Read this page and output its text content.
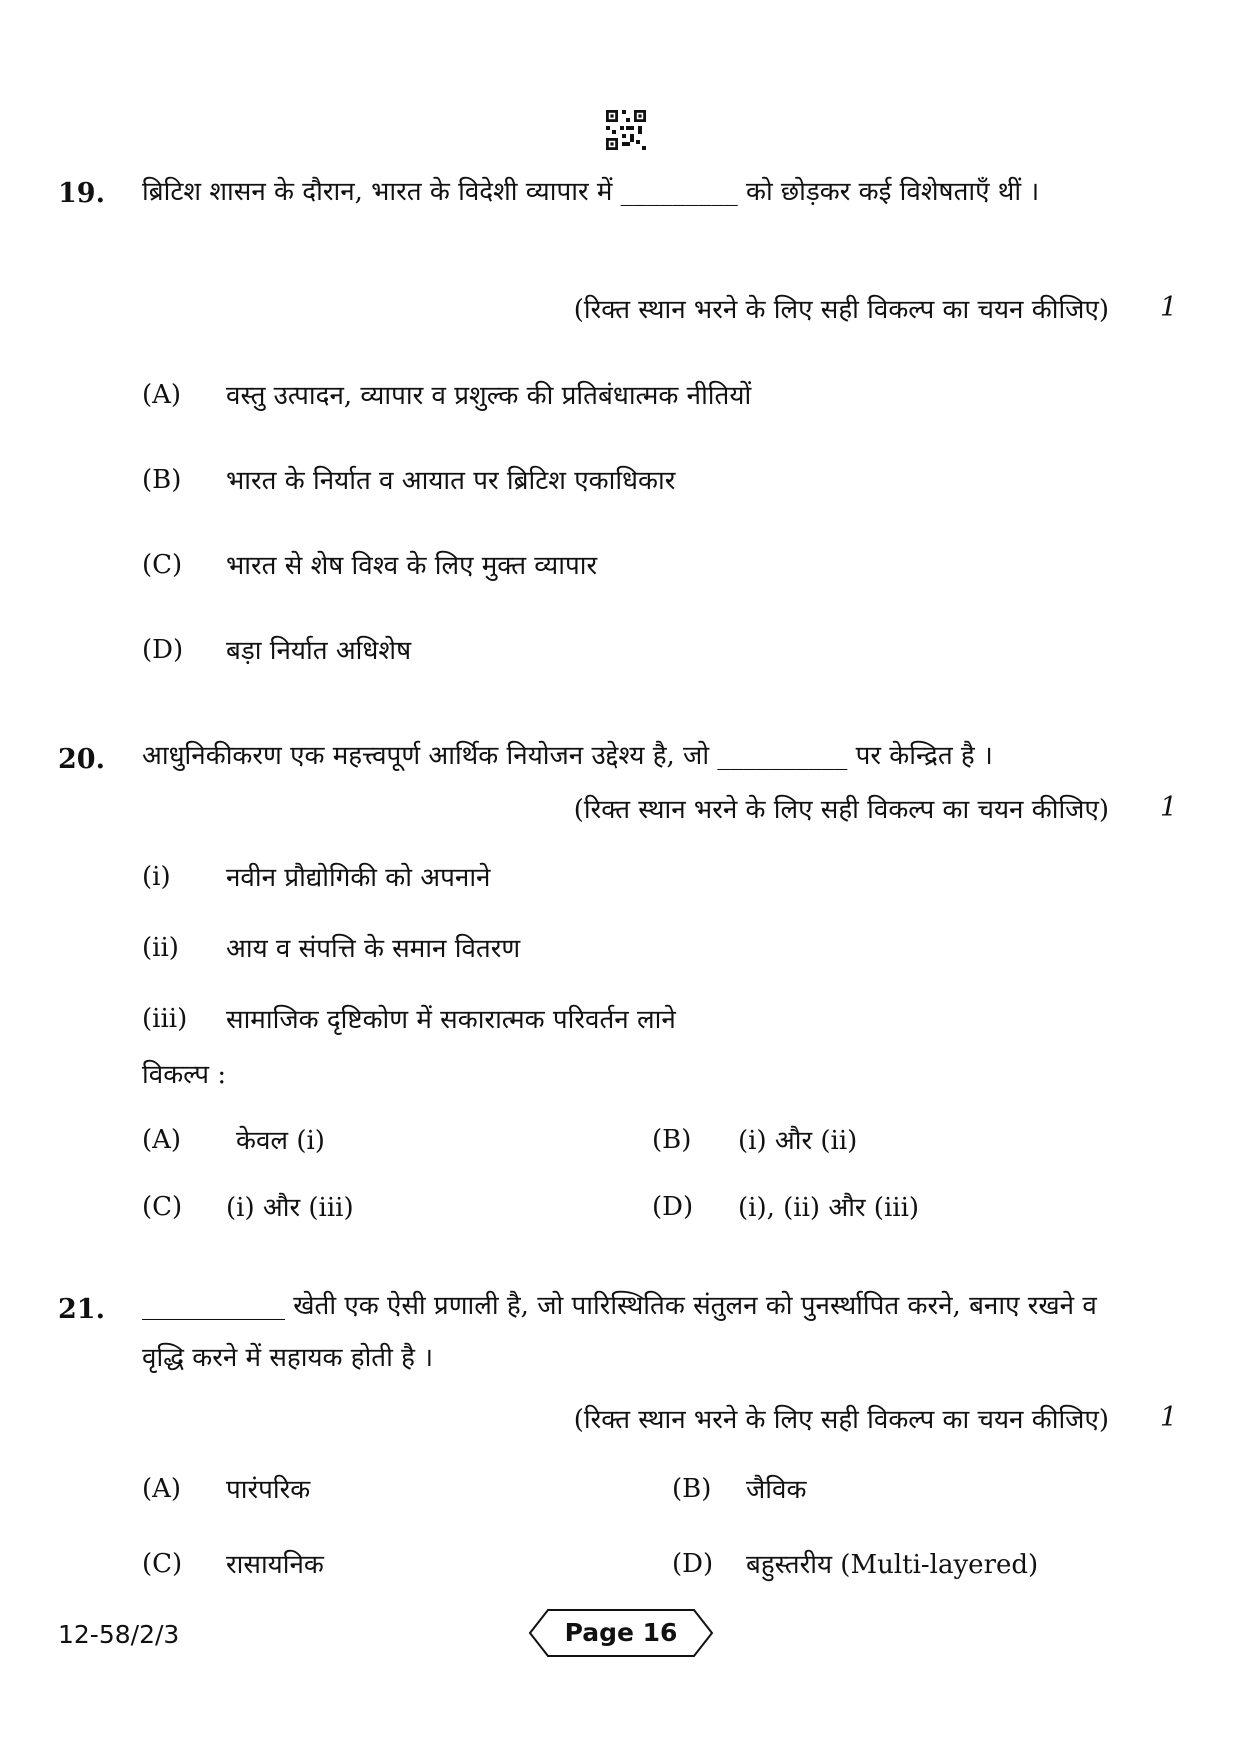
19. ब्रिटिश शासन के दौरान, भारत के विदेशी व्यापार में _________ को छोड़कर कई विशेषताएँ थीं ।
(रिक्त स्थान भरने के लिए सही विकल्प का चयन कीजिए) 1
(A) वस्तु उत्पादन, व्यापार व प्रशुल्क की प्रतिबंधात्मक नीतियों
(B) भारत के निर्यात व आयात पर ब्रिटिश एकाधिकार
(C) भारत से शेष विश्व के लिए मुक्त व्यापार
(D) बड़ा निर्यात अधिशेष
20. आधुनिकीकरण एक महत्त्वपूर्ण आर्थिक नियोजन उद्देश्य है, जो __________ पर केन्द्रित है ।
(रिक्त स्थान भरने के लिए सही विकल्प का चयन कीजिए) 1
(i) नवीन प्रौद्योगिकी को अपनाने
(ii) आय व संपत्ति के समान वितरण
(iii) सामाजिक दृष्टिकोण में सकारात्मक परिवर्तन लाने
विकल्प :
(A) केवल (i)	(B) (i) और (ii)
(C) (i) और (iii)	(D) (i), (ii) और (iii)
21. ___________ खेती एक ऐसी प्रणाली है, जो पारिस्थितिक संतुलन को पुनर्स्थापित करने, बनाए रखने व वृद्धि करने में सहायक होती है ।
(रिक्त स्थान भरने के लिए सही विकल्प का चयन कीजिए) 1
(A) पारंपरिक	(B) जैविक
(C) रासायनिक	(D) बहुस्तरीय (Multi-layered)
12-58/2/3	Page 16
